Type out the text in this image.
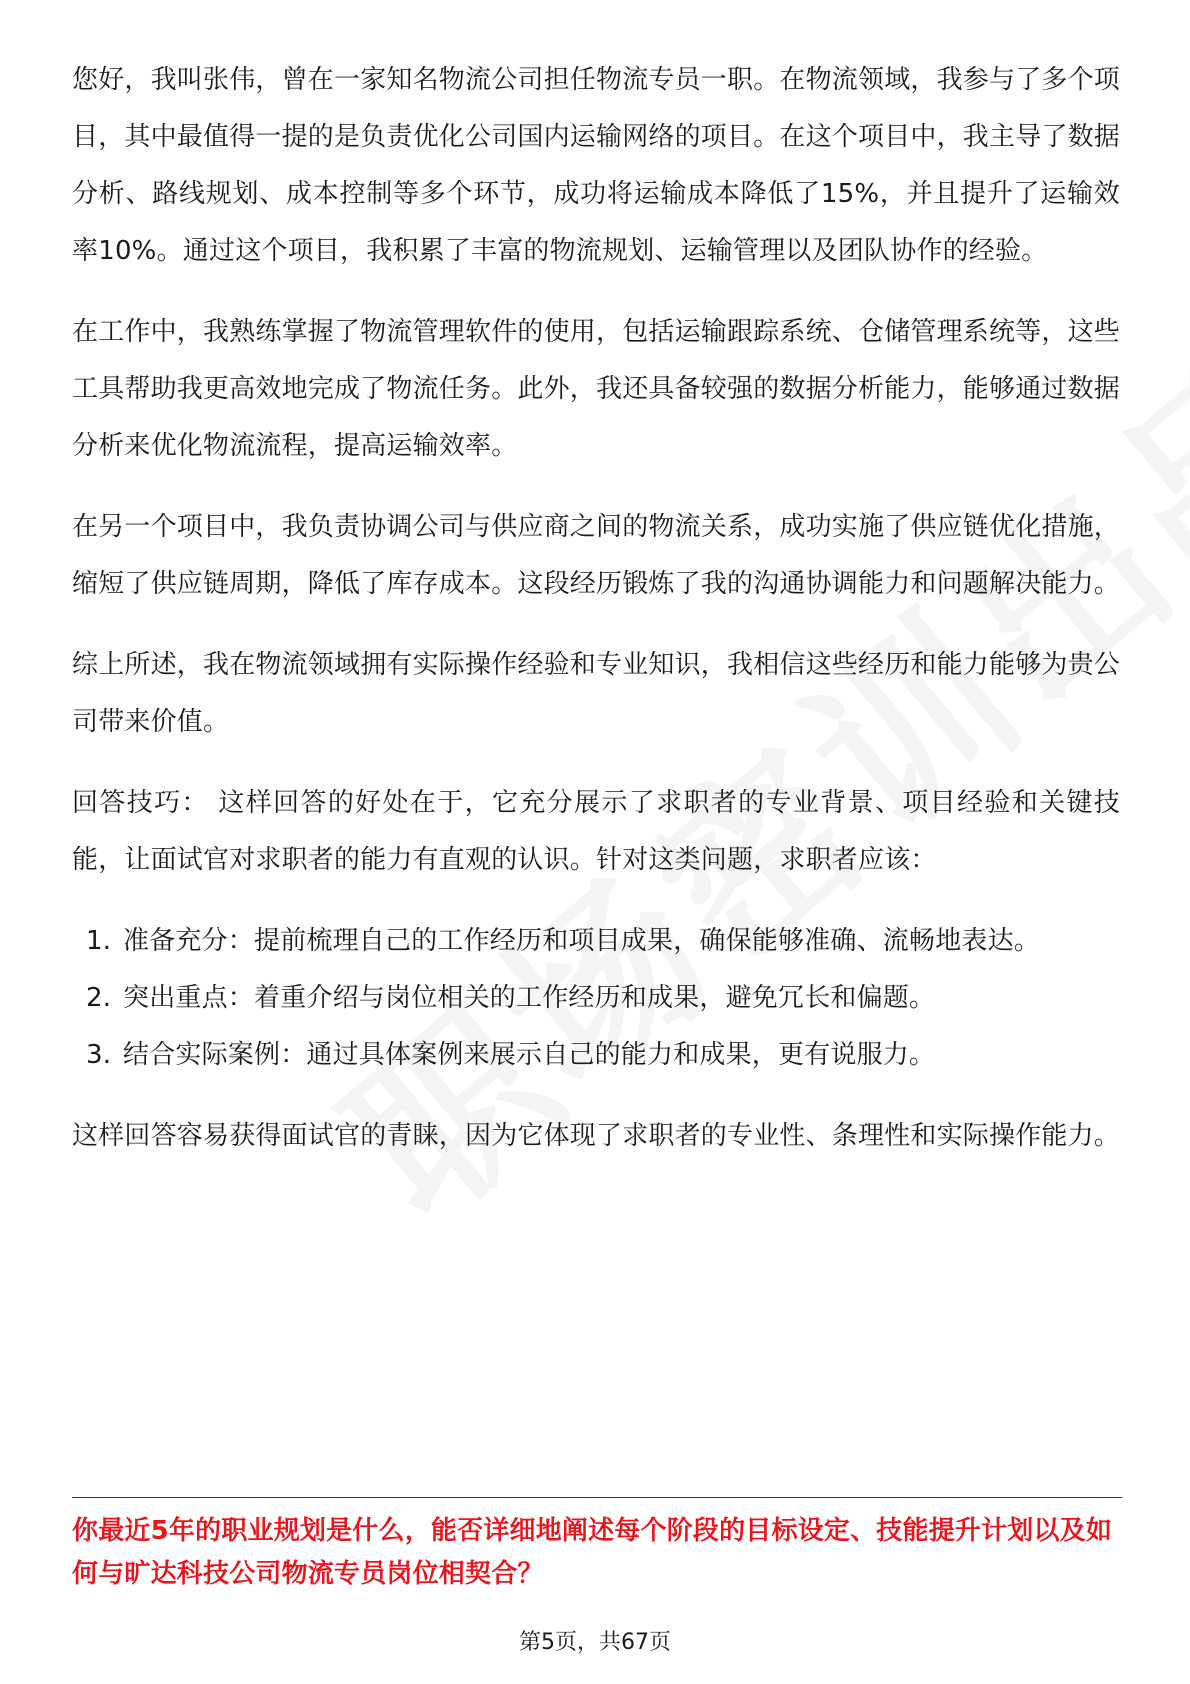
您好，我叫张伟，曾在一家知名物流公司担任物流专员一职。在物流领域，我参与了多个项目，其中最值得一提的是负责优化公司国内运输网络的项目。在这个项目中，我主导了数据分析、路线规划、成本控制等多个环节，成功将运输成本降低了15%，并且提升了运输效率10%。通过这个项目，我积累了丰富的物流规划、运输管理以及团队协作的经验。

在工作中，我熟练掌握了物流管理软件的使用，包括运输跟踪系统、仓储管理系统等，这些工具帮助我更高效地完成了物流任务。此外，我还具备较强的数据分析能力，能够通过数据分析来优化物流流程，提高运输效率。

在另一个项目中，我负责协调公司与供应商之间的物流关系，成功实施了供应链优化措施，缩短了供应链周期，降低了库存成本。这段经历锻炼了我的沟通协调能力和问题解决能力。

综上所述，我在物流领域拥有实际操作经验和专业知识，我相信这些经历和能力能够为贵公司带来价值。

回答技巧： 这样回答的好处在于，它充分展示了求职者的专业背景、项目经验和关键技能，让面试官对求职者的能力有直观的认识。针对这类问题，求职者应该：

1. 准备充分：提前梳理自己的工作经历和项目成果，确保能够准确、流畅地表达。
2. 突出重点：着重介绍与岗位相关的工作经历和成果，避免冗长和偏题。
3. 结合实际案例：通过具体案例来展示自己的能力和成果，更有说服力。

这样回答容易获得面试官的青睐，因为它体现了求职者的专业性、条理性和实际操作能力。

你最近5年的职业规划是什么，能否详细地阐述每个阶段的目标设定、技能提升计划以及如何与旷达科技公司物流专员岗位相契合？
第5页，共67页
